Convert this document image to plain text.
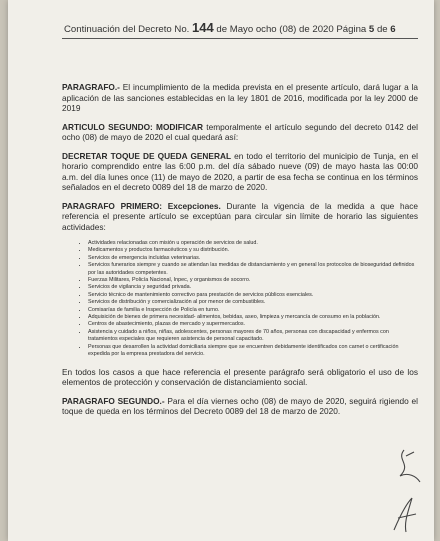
Continuación del Decreto No. 144 de Mayo ocho (08) de 2020 Página 5 de 6

PARAGRAFO.- El incumplimiento de la medida prevista en el presente artículo, dará lugar a la aplicación de las sanciones establecidas en la ley 1801 de 2016, modificada por la ley 2000 de 2019

ARTICULO SEGUNDO: MODIFICAR temporalmente el artículo segundo del decreto 0142 del ocho (08) de mayo de 2020 el cual quedará así:

DECRETAR TOQUE DE QUEDA GENERAL en todo el territorio del municipio de Tunja, en el horario comprendido entre las 6:00 p.m. del día sábado nueve (09) de mayo hasta las 00:00 a.m. del día lunes once (11) de mayo de 2020, a partir de esa fecha se continua en los términos señalados en el decreto 0089 del 18 de marzo de 2020.

PARAGRAFO PRIMERO: Excepciones. Durante la vigencia de la medida a que hace referencia el presente artículo se exceptúan para circular sin límite de horario las siguientes actividades:

• Actividades relacionadas con misión u operación de servicios de salud.
• Medicamentos y productos farmacéuticos y su distribución.
• Servicios de emergencia incluidas veterinarias.
• Servicios funerarios siempre y cuando se atiendan las medidas de distanciamiento y en general los protocolos de bioseguridad definidos por las autoridades competentes.
• Fuerzas Militares, Policía Nacional, Inpec, y organismos de socorro.
• Servicios de vigilancia y seguridad privada.
• Servicio técnico de mantenimiento correctivo para prestación de servicios públicos esenciales.
• Servicios de distribución y comercialización al por menor de combustibles.
• Comisarías de familia e Inspección de Policía en turno.
• Adquisición de bienes de primera necesidad- alimentos, bebidas, aseo, limpieza y mercancía de consumo en la población.
• Centros de abastecimiento, plazas de mercado y supermercados.
• Asistencia y cuidado a niños, niñas, adolescentes, personas mayores de 70 años, personas con discapacidad y enfermos con tratamientos especiales que requieren asistencia de personal capacitado.
• Personas que desarrollen la actividad domiciliaria siempre que se encuentren debidamente identificados con carnet o certificación expedida por la empresa prestadora del servicio.

En todos los casos a que hace referencia el presente parágrafo será obligatorio el uso de los elementos de protección y conservación de distanciamiento social.

PARAGRAFO SEGUNDO.- Para el día viernes ocho (08) de mayo de 2020, seguirá rigiendo el toque de queda en los términos del Decreto 0089 del 18 de marzo de 2020.
